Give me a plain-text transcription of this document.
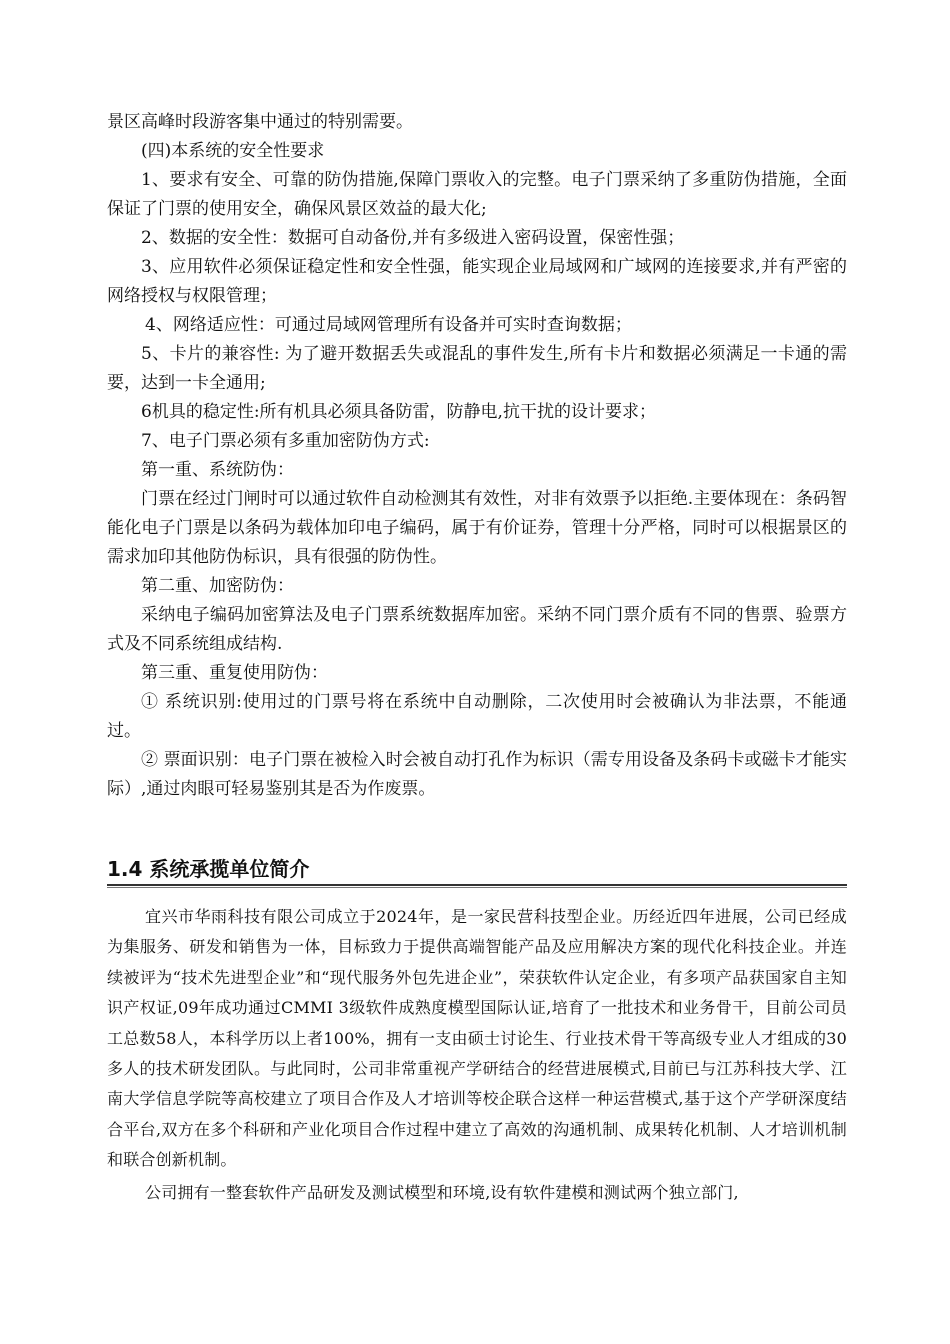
景区高峰时段游客集中通过的特别需要。

(四)本系统的安全性要求

1、要求有安全、可靠的防伪措施,保障门票收入的完整。电子门票采纳了多重防伪措施，全面保证了门票的使用安全，确保风景区效益的最大化;

2、数据的安全性：数据可自动备份,并有多级进入密码设置，保密性强；

3、应用软件必须保证稳定性和安全性强，能实现企业局域网和广域网的连接要求,并有严密的网络授权与权限管理；

4、网络适应性：可通过局域网管理所有设备并可实时查询数据；

5、卡片的兼容性: 为了避开数据丢失或混乱的事件发生,所有卡片和数据必须满足一卡通的需要，达到一卡全通用;

6机具的稳定性:所有机具必须具备防雷，防静电,抗干扰的设计要求；

7、电子门票必须有多重加密防伪方式:

第一重、系统防伪：

门票在经过门闸时可以通过软件自动检测其有效性，对非有效票予以拒绝.主要体现在：条码智能化电子门票是以条码为载体加印电子编码，属于有价证券，管理十分严格，同时可以根据景区的需求加印其他防伪标识，具有很强的防伪性。

第二重、加密防伪：

采纳电子编码加密算法及电子门票系统数据库加密。采纳不同门票介质有不同的售票、验票方式及不同系统组成结构.

第三重、重复使用防伪：

① 系统识别:使用过的门票号将在系统中自动删除，二次使用时会被确认为非法票，不能通过。

② 票面识别：电子门票在被检入时会被自动打孔作为标识（需专用设备及条码卡或磁卡才能实际）,通过肉眼可轻易鉴别其是否为作废票。

1.4 系统承揽单位简介

宜兴市华雨科技有限公司成立于2024年，是一家民营科技型企业。历经近四年进展，公司已经成为集服务、研发和销售为一体，目标致力于提供高端智能产品及应用解决方案的现代化科技企业。并连续被评为“技术先进型企业”和“现代服务外包先进企业”，荣获软件认定企业，有多项产品获国家自主知识产权证,09年成功通过CMMI 3级软件成熟度模型国际认证,培育了一批技术和业务骨干，目前公司员工总数58人，本科学历以上者100%，拥有一支由硕士讨论生、行业技术骨干等高级专业人才组成的30多人的技术研发团队。与此同时，公司非常重视产学研结合的经营进展模式,目前已与江苏科技大学、江南大学信息学院等高校建立了项目合作及人才培训等校企联合这样一种运营模式,基于这个产学研深度结合平台,双方在多个科研和产业化项目合作过程中建立了高效的沟通机制、成果转化机制、人才培训机制和联合创新机制。

公司拥有一整套软件产品研发及测试模型和环境,设有软件建模和测试两个独立部门,
